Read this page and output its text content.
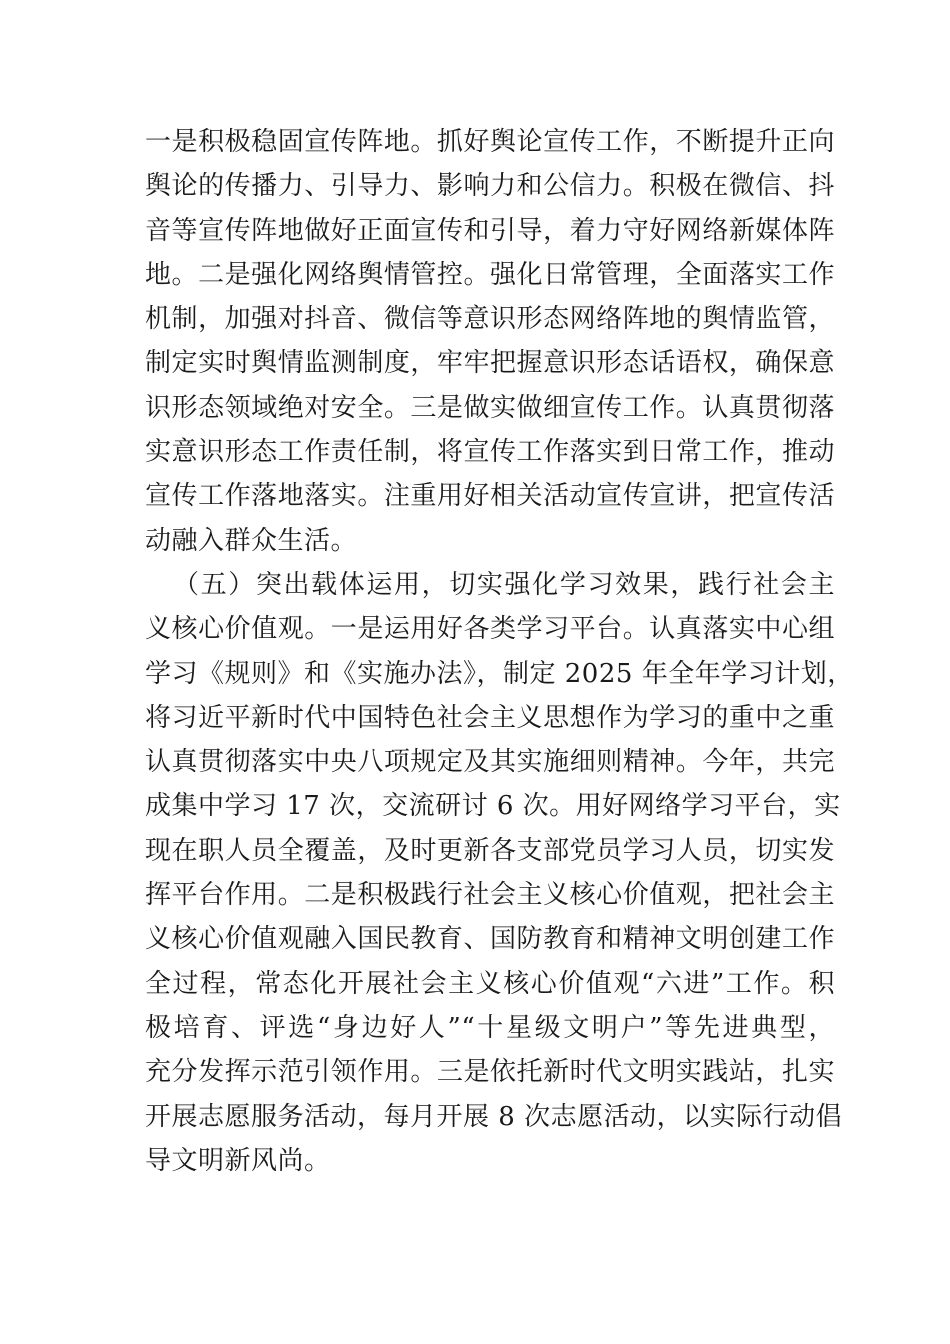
一是积极稳固宣传阵地。抓好舆论宣传工作，不断提升正向
舆论的传播力、引导力、影响力和公信力。积极在微信、抖
音等宣传阵地做好正面宣传和引导，着力守好网络新媒体阵
地。二是强化网络舆情管控。强化日常管理，全面落实工作
机制，加强对抖音、微信等意识形态网络阵地的舆情监管，
制定实时舆情监测制度，牢牢把握意识形态话语权，确保意
识形态领域绝对安全。三是做实做细宣传工作。认真贯彻落
实意识形态工作责任制，将宣传工作落实到日常工作，推动
宣传工作落地落实。注重用好相关活动宣传宣讲，把宣传活
动融入群众生活。
（五）突出载体运用，切实强化学习效果，践行社会主
义核心价值观。一是运用好各类学习平台。认真落实中心组
学习《规则》和《实施办法》，制定 2025 年全年学习计划，
将习近平新时代中国特色社会主义思想作为学习的重中之重
认真贯彻落实中央八项规定及其实施细则精神。今年，共完
成集中学习 17 次，交流研讨 6 次。用好网络学习平台，实
现在职人员全覆盖，及时更新各支部党员学习人员，切实发
挥平台作用。二是积极践行社会主义核心价值观，把社会主
义核心价值观融入国民教育、国防教育和精神文明创建工作
全过程，常态化开展社会主义核心价值观“六进”工作。积
极培育、评选“身边好人”“十星级文明户”等先进典型，
充分发挥示范引领作用。三是依托新时代文明实践站，扎实
开展志愿服务活动，每月开展 8 次志愿活动，以实际行动倡
导文明新风尚。
